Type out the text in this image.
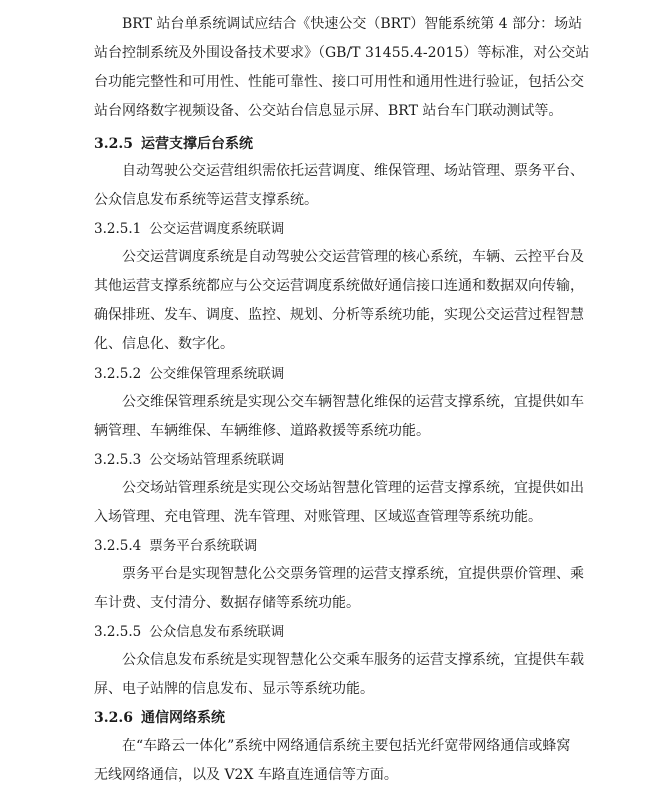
BRT 站台单系统调试应结合《快速公交（BRT）智能系统第 4 部分：场站
站台控制系统及外围设备技术要求》（GB/T 31455.4-2015）等标准，对公交站
台功能完整性和可用性、性能可靠性、接口可用性和通用性进行验证，包括公交
站台网络数字视频设备、公交站台信息显示屏、BRT 站台车门联动测试等。
3.2.5 运营支撑后台系统
自动驾驶公交运营组织需依托运营调度、维保管理、场站管理、票务平台、
公众信息发布系统等运营支撑系统。
3.2.5.1 公交运营调度系统联调
公交运营调度系统是自动驾驶公交运营管理的核心系统，车辆、云控平台及
其他运营支撑系统都应与公交运营调度系统做好通信接口连通和数据双向传输，
确保排班、发车、调度、监控、规划、分析等系统功能，实现公交运营过程智慧
化、信息化、数字化。
3.2.5.2 公交维保管理系统联调
公交维保管理系统是实现公交车辆智慧化维保的运营支撑系统，宜提供如车
辆管理、车辆维保、车辆维修、道路救援等系统功能。
3.2.5.3 公交场站管理系统联调
公交场站管理系统是实现公交场站智慧化管理的运营支撑系统，宜提供如出
入场管理、充电管理、洗车管理、对账管理、区域巡查管理等系统功能。
3.2.5.4 票务平台系统联调
票务平台是实现智慧化公交票务管理的运营支撑系统，宜提供票价管理、乘
车计费、支付清分、数据存储等系统功能。
3.2.5.5 公众信息发布系统联调
公众信息发布系统是实现智慧化公交乘车服务的运营支撑系统，宜提供车载
屏、电子站牌的信息发布、显示等系统功能。
3.2.6 通信网络系统
在“车路云一体化”系统中网络通信系统主要包括光纤宽带网络通信或蜂窝
无线网络通信，以及 V2X 车路直连通信等方面。
